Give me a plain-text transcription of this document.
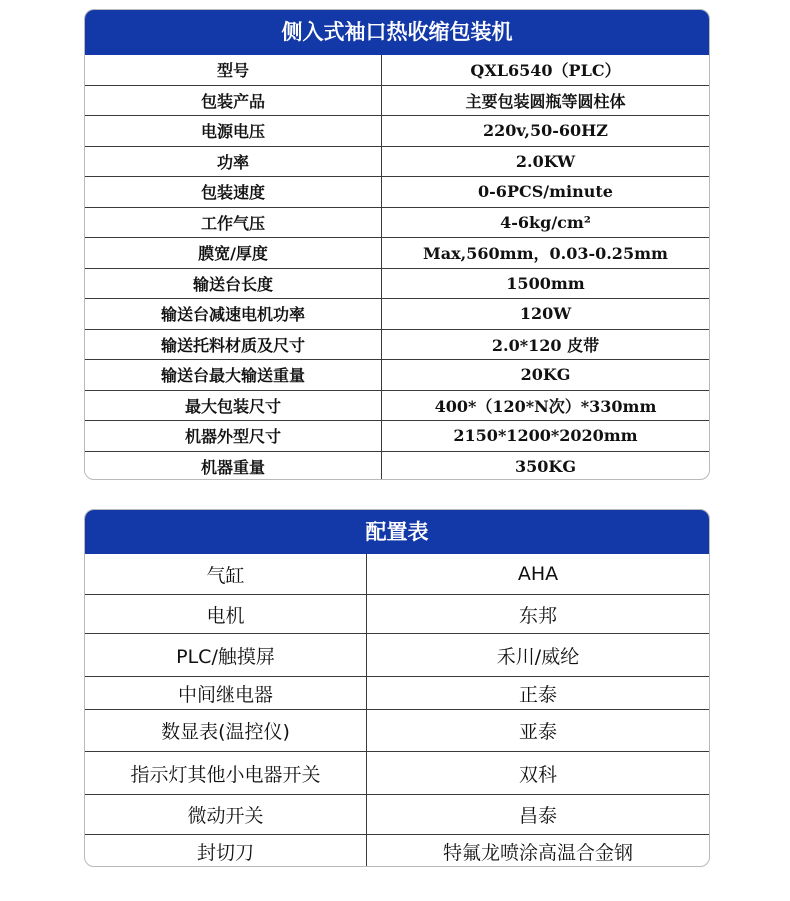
侧入式袖口热收缩包装机
型号	QXL6540（PLC）
包装产品	主要包装圆瓶等圆柱体
电源电压	220v,50-60HZ
功率	2.0KW
包装速度	0-6PCS/minute
工作气压	4-6kg/cm²
膜宽/厚度	Max,560mm，0.03-0.25mm
输送台长度	1500mm
输送台减速电机功率	120W
输送托料材质及尺寸	2.0*120 皮带
输送台最大输送重量	20KG
最大包装尺寸	400*（120*N次）*330mm
机器外型尺寸	2150*1200*2020mm
机器重量	350KG
配置表
气缸	AHA
电机	东邦
PLC/触摸屏	禾川/威纶
中间继电器	正泰
数显表(温控仪)	亚泰
指示灯其他小电器开关	双科
微动开关	昌泰
封切刀	特氟龙喷涂高温合金钢
